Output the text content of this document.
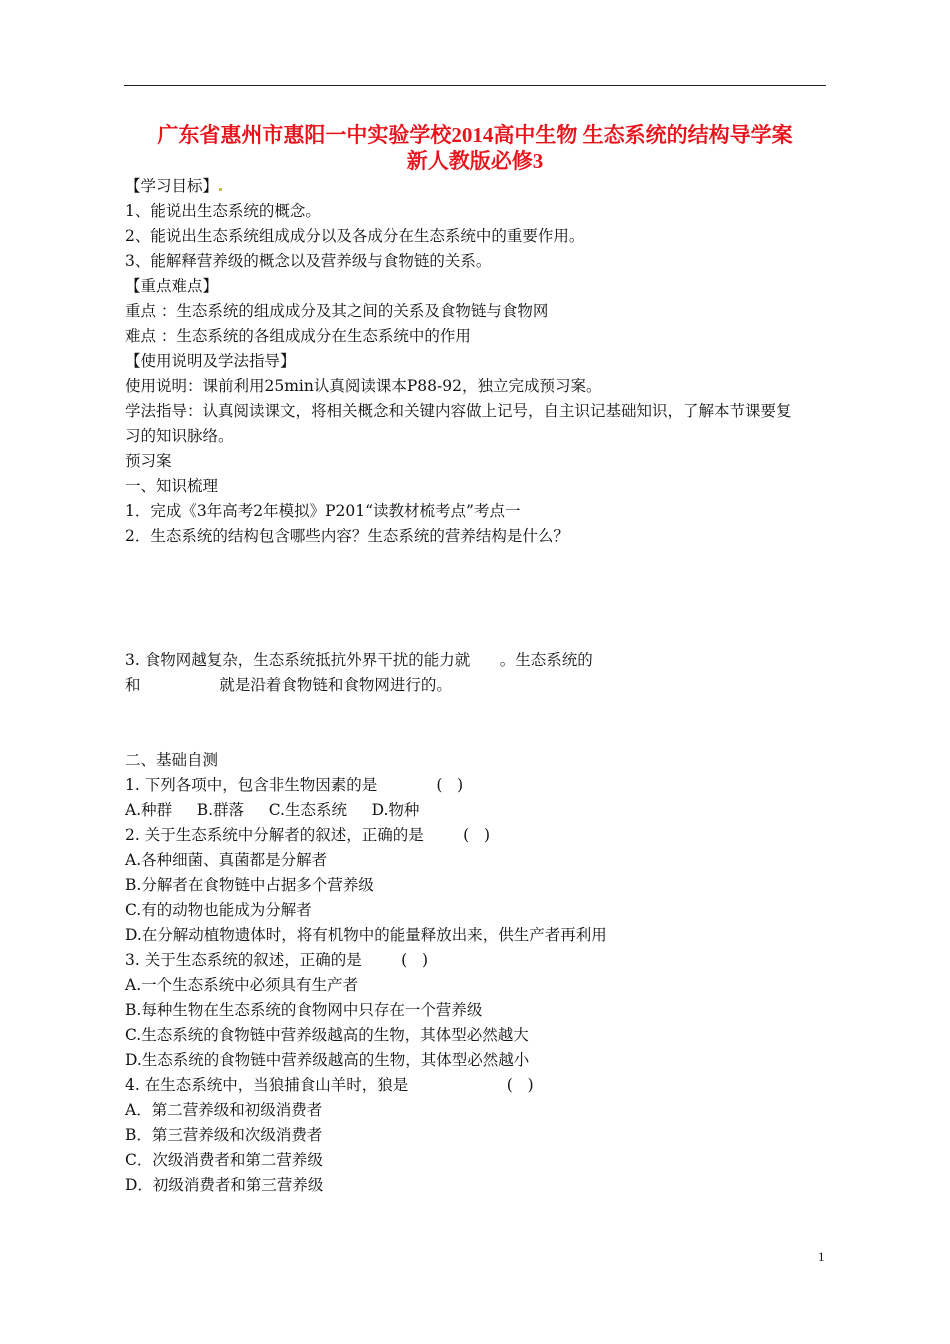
广东省惠州市惠阳一中实验学校2014高中生物 生态系统的结构导学案
新人教版必修3
【学习目标】
1、能说出生态系统的概念。
2、能说出生态系统组成成分以及各成分在生态系统中的重要作用。
3、能解释营养级的概念以及营养级与食物链的关系。
【重点难点】
重点 ：生态系统的组成成分及其之间的关系及食物链与食物网
难点 ：生态系统的各组成成分在生态系统中的作用
【使用说明及学法指导】
使用说明：课前利用25min认真阅读课本P88-92，独立完成预习案。
学法指导：认真阅读课文，将相关概念和关键内容做上记号，自主识记基础知识，了解本节课要复
习的知识脉络。
预习案
一、知识梳理
1．完成《3年高考2年模拟》P201“读教材梳考点”考点一
2．生态系统的结构包含哪些内容？生态系统的营养结构是什么？
3. 食物网越复杂，生态系统抵抗外界干扰的能力就      。生态系统的
和                就是沿着食物链和食物网进行的。
二、基础自测
1. 下列各项中，包含非生物因素的是            (   )
A.种群     B.群落     C.生态系统     D.物种
2. 关于生态系统中分解者的叙述，正确的是        (   )
A.各种细菌、真菌都是分解者
B.分解者在食物链中占据多个营养级
C.有的动物也能成为分解者
D.在分解动植物遗体时，将有机物中的能量释放出来，供生产者再利用
3. 关于生态系统的叙述，正确的是        (   )
A.一个生态系统中必须具有生产者
B.每种生物在生态系统的食物网中只存在一个营养级
C.生态系统的食物链中营养级越高的生物，其体型必然越大
D.生态系统的食物链中营养级越高的生物，其体型必然越小
4. 在生态系统中，当狼捕食山羊时，狼是                    (   )
A．第二营养级和初级消费者
B．第三营养级和次级消费者
C．次级消费者和第二营养级
D．初级消费者和第三营养级
1
